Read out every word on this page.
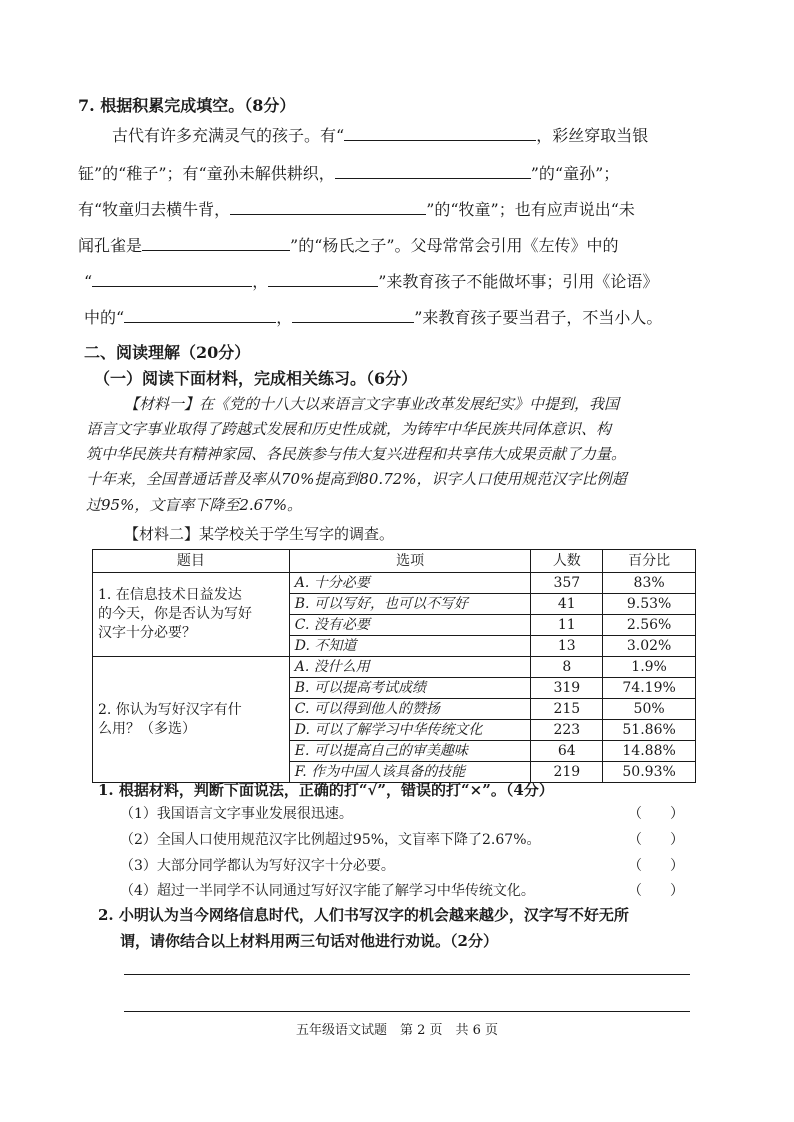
7. 根据积累完成填空。（8分）
古代有许多充满灵气的孩子。有“	，彩丝穿取当银
钲”的“稚子”；有“童孙未解供耕织，	”的“童孙”；
有“牧童归去横牛背，	”的“牧童”；也有应声说出“未
闻孔雀是	”的“杨氏之子”。父母常常会引用《左传》中的
“	，	”来教育孩子不能做坏事；引用《论语》
中的“	，	”来教育孩子要当君子，不当小人。
二、阅读理解（20分）
（一）阅读下面材料，完成相关练习。（6分）
【材料一】在《党的十八大以来语言文字事业改革发展纪实》中提到，我国
语言文字事业取得了跨越式发展和历史性成就，为铸牢中华民族共同体意识、构
筑中华民族共有精神家园、各民族参与伟大复兴进程和共享伟大成果贡献了力量。
十年来，全国普通话普及率从70%提高到80.72%，识字人口使用规范汉字比例超
过95%，文盲率下降至2.67%。
【材料二】某学校关于学生写字的调查。
题目	选项	人数	百分比

1. 在信息技术日益发达
的今天，你是否认为写好
汉字十分必要？	A. 十分必要	357	83%
	B. 可以写好，也可以不写好	41	9.53%
	C. 没有必要	11	2.56%
	D. 不知道	13	3.02%

2. 你认为写好汉字有什
么用？（多选）	A. 没什么用	8	1.9%
	B. 可以提高考试成绩	319	74.19%
	C. 可以得到他人的赞扬	215	50%
	D. 可以了解学习中华传统文化	223	51.86%
	E. 可以提高自己的审美趣味	64	14.88%
	F. 作为中国人该具备的技能	219	50.93%
1. 根据材料，判断下面说法，正确的打“√”，错误的打“×”。（4分）
（1）我国语言文字事业发展很迅速。	（ ）
（2）全国人口使用规范汉字比例超过95%，文盲率下降了2.67%。	（ ）
（3）大部分同学都认为写好汉字十分必要。	（ ）
（4）超过一半同学不认同通过写好汉字能了解学习中华传统文化。	（ ）
2. 小明认为当今网络信息时代，人们书写汉字的机会越来越少，汉字写不好无所
谓，请你结合以上材料用两三句话对他进行劝说。（2分）
五年级语文试题　第 2 页　共 6 页
